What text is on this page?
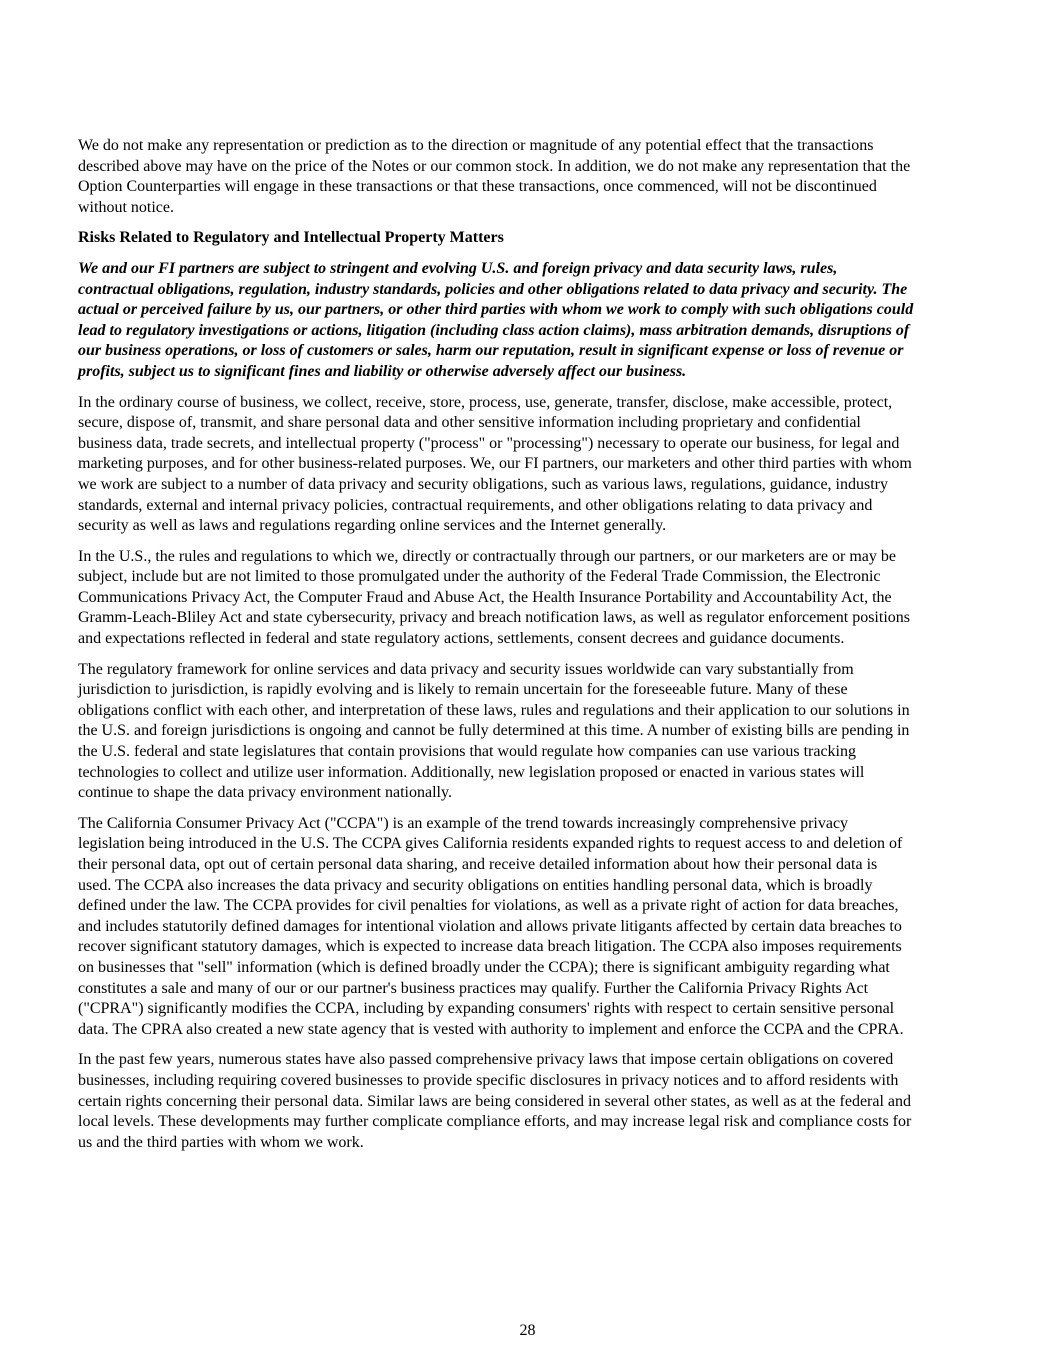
We do not make any representation or prediction as to the direction or magnitude of any potential effect that the transactions
described above may have on the price of the Notes or our common stock. In addition, we do not make any representation that the
Option Counterparties will engage in these transactions or that these transactions, once commenced, will not be discontinued
without notice.

Risks Related to Regulatory and Intellectual Property Matters

We and our FI partners are subject to stringent and evolving U.S. and foreign privacy and data security laws, rules,
contractual obligations, regulation, industry standards, policies and other obligations related to data privacy and security. The
actual or perceived failure by us, our partners, or other third parties with whom we work to comply with such obligations could
lead to regulatory investigations or actions, litigation (including class action claims), mass arbitration demands, disruptions of
our business operations, or loss of customers or sales, harm our reputation, result in significant expense or loss of revenue or
profits, subject us to significant fines and liability or otherwise adversely affect our business.

In the ordinary course of business, we collect, receive, store, process, use, generate, transfer, disclose, make accessible, protect,
secure, dispose of, transmit, and share personal data and other sensitive information including proprietary and confidential
business data, trade secrets, and intellectual property ("process" or "processing") necessary to operate our business, for legal and
marketing purposes, and for other business-related purposes. We, our FI partners, our marketers and other third parties with whom
we work are subject to a number of data privacy and security obligations, such as various laws, regulations, guidance, industry
standards, external and internal privacy policies, contractual requirements, and other obligations relating to data privacy and
security as well as laws and regulations regarding online services and the Internet generally.

In the U.S., the rules and regulations to which we, directly or contractually through our partners, or our marketers are or may be
subject, include but are not limited to those promulgated under the authority of the Federal Trade Commission, the Electronic
Communications Privacy Act, the Computer Fraud and Abuse Act, the Health Insurance Portability and Accountability Act, the
Gramm-Leach-Bliley Act and state cybersecurity, privacy and breach notification laws, as well as regulator enforcement positions
and expectations reflected in federal and state regulatory actions, settlements, consent decrees and guidance documents.

The regulatory framework for online services and data privacy and security issues worldwide can vary substantially from
jurisdiction to jurisdiction, is rapidly evolving and is likely to remain uncertain for the foreseeable future. Many of these
obligations conflict with each other, and interpretation of these laws, rules and regulations and their application to our solutions in
the U.S. and foreign jurisdictions is ongoing and cannot be fully determined at this time. A number of existing bills are pending in
the U.S. federal and state legislatures that contain provisions that would regulate how companies can use various tracking
technologies to collect and utilize user information. Additionally, new legislation proposed or enacted in various states will
continue to shape the data privacy environment nationally.

The California Consumer Privacy Act ("CCPA") is an example of the trend towards increasingly comprehensive privacy
legislation being introduced in the U.S. The CCPA gives California residents expanded rights to request access to and deletion of
their personal data, opt out of certain personal data sharing, and receive detailed information about how their personal data is
used. The CCPA also increases the data privacy and security obligations on entities handling personal data, which is broadly
defined under the law. The CCPA provides for civil penalties for violations, as well as a private right of action for data breaches,
and includes statutorily defined damages for intentional violation and allows private litigants affected by certain data breaches to
recover significant statutory damages, which is expected to increase data breach litigation. The CCPA also imposes requirements
on businesses that "sell" information (which is defined broadly under the CCPA); there is significant ambiguity regarding what
constitutes a sale and many of our or our partner's business practices may qualify. Further the California Privacy Rights Act
("CPRA") significantly modifies the CCPA, including by expanding consumers' rights with respect to certain sensitive personal
data. The CPRA also created a new state agency that is vested with authority to implement and enforce the CCPA and the CPRA.

In the past few years, numerous states have also passed comprehensive privacy laws that impose certain obligations on covered
businesses, including requiring covered businesses to provide specific disclosures in privacy notices and to afford residents with
certain rights concerning their personal data. Similar laws are being considered in several other states, as well as at the federal and
local levels. These developments may further complicate compliance efforts, and may increase legal risk and compliance costs for
us and the third parties with whom we work.

28
